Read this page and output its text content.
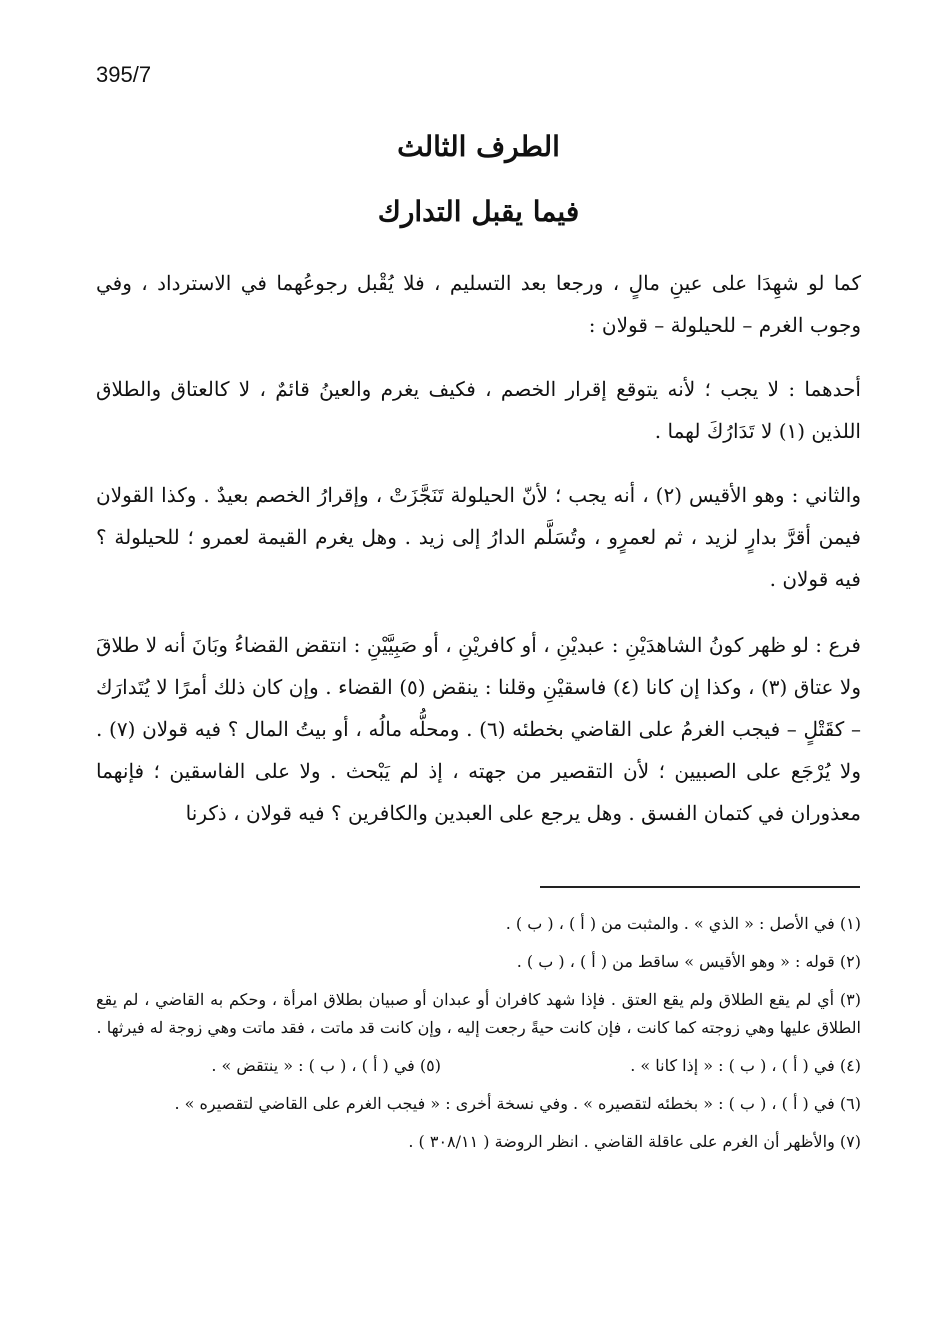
395/7
الطرف الثالث
فيما يقبل التدارك

كما لو شهِدَا على عينِ مالٍ ، ورجعا بعد التسليم ، فلا يُقْبل رجوعُهما في الاسترداد ، وفي وجوب الغرم – للحيلولة – قولان :

أحدهما : لا يجب ؛ لأنه يتوقع إقرار الخصم ، فكيف يغرم والعينُ قائمٌ ، لا كالعتاق والطلاق اللذين (١) لا تَدَارُكَ لهما .

والثاني : وهو الأقيس (٢) ، أنه يجب ؛ لأنّ الحيلولة تَنَجَّزَتْ ، وإقرارُ الخصم بعيدٌ . وكذا القولان فيمن أقرَّ بدارٍ لزيد ، ثم لعمرٍو ، وتُسَلَّم الدارُ إلى زيد . وهل يغرم القيمة لعمرو ؛ للحيلولة ؟ فيه قولان .

فرع : لو ظهر كونُ الشاهدَيْنِ : عبديْنِ ، أو كافريْنِ ، أو صَبِيَّيْنِ : انتقض القضاءُ وبَانَ أنه لا طلاقَ ولا عتاق (٣) ، وكذا إن كانا (٤) فاسقيْنِ وقلنا : ينقض (٥) القضاء . وإن كان ذلك أمرًا لا يُتَدارَك – كقَتْلٍ – فيجب الغرمُ على القاضي بخطئه (٦) . ومحلُّه مالُه ، أو بيتُ المال ؟ فيه قولان (٧) . ولا يُرْجَع على الصبيين ؛ لأن التقصير من جهته ، إذ لم يَبْحث . ولا على الفاسقين ؛ فإنهما معذوران في كتمان الفسق . وهل يرجع على العبدين والكافرين ؟ فيه قولان ، ذكرنا

(١) في الأصل : « الذي » . والمثبت من ( أ ) ، ( ب ) .

(٢) قوله : « وهو الأقيس » ساقط من ( أ ) ، ( ب ) .

(٣) أي لم يقع الطلاق ولم يقع العتق . فإذا شهد كافران أو عبدان أو صبيان بطلاق امرأة ، وحكم به القاضي ، لم يقع الطلاق عليها وهي زوجته كما كانت ، فإن كانت حيةً رجعت إليه ، وإن كانت قد ماتت ، فقد ماتت وهي زوجة له فيرثها .

(٤) في ( أ ) ، ( ب ) : « إذا كانا » .

(٥) في ( أ ) ، ( ب ) : « ينتقض » .

(٦) في ( أ ) ، ( ب ) : « بخطئه لتقصيره » . وفي نسخة أخرى : « فيجب الغرم على القاضي لتقصيره » .

(٧) والأظهر أن الغرم على عاقلة القاضي . انظر الروضة ( ٣٠٨/١١ ) .
